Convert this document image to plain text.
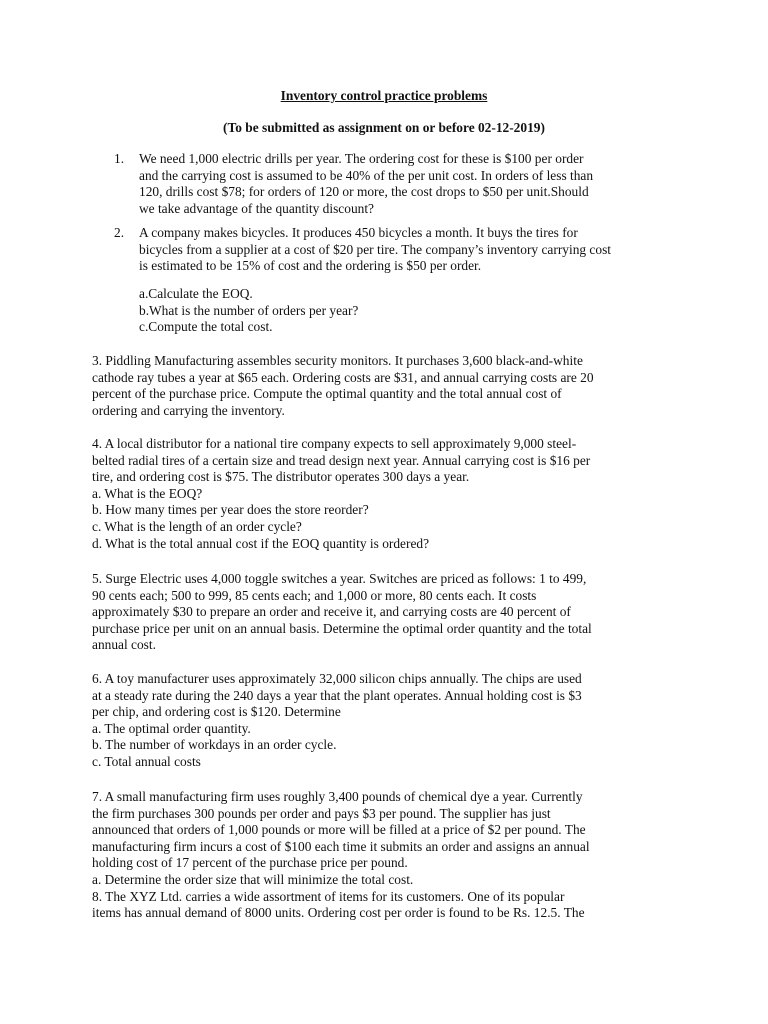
Inventory control practice problems
(To be submitted as assignment on or before 02-12-2019)
1. We need 1,000 electric drills per year. The ordering cost for these is $100 per order
and the carrying cost is assumed to be 40% of the per unit cost. In orders of less than
120, drills cost $78; for orders of 120 or more, the cost drops to $50 per unit.Should
we take advantage of the quantity discount?
2. A company makes bicycles. It produces 450 bicycles a month. It buys the tires for
bicycles from a supplier at a cost of $20 per tire. The company’s inventory carrying cost
is estimated to be 15% of cost and the ordering is $50 per order.
a.Calculate the EOQ.
b.What is the number of orders per year?
c.Compute the total cost.
3. Piddling Manufacturing assembles security monitors. It purchases 3,600 black-and-white
cathode ray tubes a year at $65 each. Ordering costs are $31, and annual carrying costs are 20
percent of the purchase price. Compute the optimal quantity and the total annual cost of
ordering and carrying the inventory.
4. A local distributor for a national tire company expects to sell approximately 9,000 steel-
belted radial tires of a certain size and tread design next year. Annual carrying cost is $16 per
tire, and ordering cost is $75. The distributor operates 300 days a year.
a. What is the EOQ?
b. How many times per year does the store reorder?
c. What is the length of an order cycle?
d. What is the total annual cost if the EOQ quantity is ordered?
5. Surge Electric uses 4,000 toggle switches a year. Switches are priced as follows: 1 to 499,
90 cents each; 500 to 999, 85 cents each; and 1,000 or more, 80 cents each. It costs
approximately $30 to prepare an order and receive it, and carrying costs are 40 percent of
purchase price per unit on an annual basis. Determine the optimal order quantity and the total
annual cost.
6. A toy manufacturer uses approximately 32,000 silicon chips annually. The chips are used
at a steady rate during the 240 days a year that the plant operates. Annual holding cost is $3
per chip, and ordering cost is $120. Determine
a. The optimal order quantity.
b. The number of workdays in an order cycle.
c. Total annual costs
7. A small manufacturing firm uses roughly 3,400 pounds of chemical dye a year. Currently
the firm purchases 300 pounds per order and pays $3 per pound. The supplier has just
announced that orders of 1,000 pounds or more will be filled at a price of $2 per pound. The
manufacturing firm incurs a cost of $100 each time it submits an order and assigns an annual
holding cost of 17 percent of the purchase price per pound.
a. Determine the order size that will minimize the total cost.
8. The XYZ Ltd. carries a wide assortment of items for its customers. One of its popular
items has annual demand of 8000 units. Ordering cost per order is found to be Rs. 12.5. The
